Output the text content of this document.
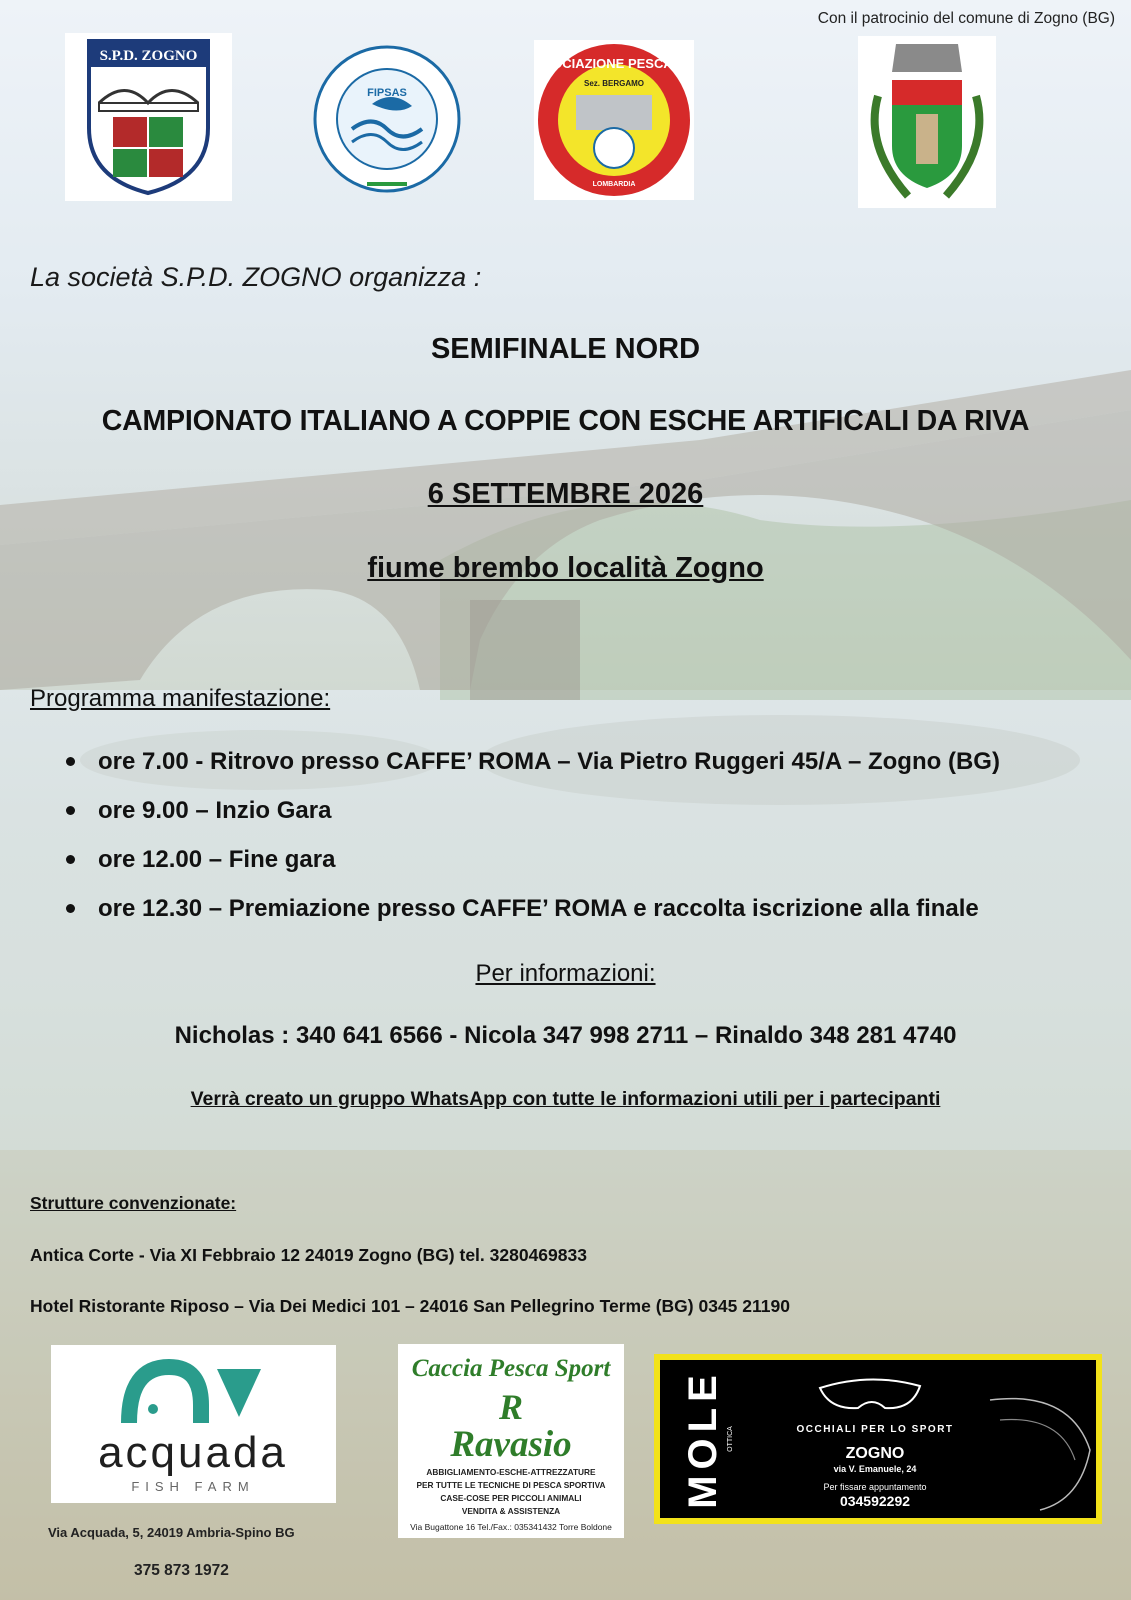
Con il patrocinio del comune di Zogno (BG)
S.P.D. ZOGNO
FIPSAS
ASSOCIAZIONE PESCATORI
Sez. BERGAMO
LOMBARDIA
La società S.P.D. ZOGNO organizza :
SEMIFINALE NORD
CAMPIONATO ITALIANO A COPPIE CON ESCHE ARTIFICALI DA RIVA
6 SETTEMBRE 2026
fiume brembo località Zogno
Programma manifestazione:
ore 7.00 - Ritrovo presso CAFFE’ ROMA – Via Pietro Ruggeri 45/A – Zogno (BG)
ore 9.00 – Inzio Gara
ore 12.00 – Fine gara
ore 12.30 – Premiazione presso CAFFE’ ROMA e raccolta iscrizione alla finale
Per informazioni:
Nicholas : 340 641 6566 - Nicola 347 998 2711 – Rinaldo 348 281 4740
Verrà creato un gruppo WhatsApp con tutte le informazioni utili per i partecipanti
Strutture convenzionate:
Antica Corte - Via XI Febbraio 12 24019 Zogno (BG) tel. 3280469833
Hotel Ristorante Riposo – Via Dei Medici 101 – 24016 San Pellegrino Terme (BG) 0345 21190
acquada
FISH FARM
Via Acquada, 5, 24019 Ambria-Spino BG
375 873 1972
Caccia Pesca Sport
R
Ravasio
ABBIGLIAMENTO-ESCHE-ATTREZZATURE
PER TUTTE LE TECNICHE DI PESCA SPORTIVA
CASE-COSE PER PICCOLI ANIMALI
VENDITA & ASSISTENZA
Via Bugattone 16 Tel./Fax.: 035341432 Torre Boldone
MOLE OTTICA	OCCHIALI PER LO SPORT
ZOGNO
via V. Emanuele, 24
Per fissare appuntamento
034592292
